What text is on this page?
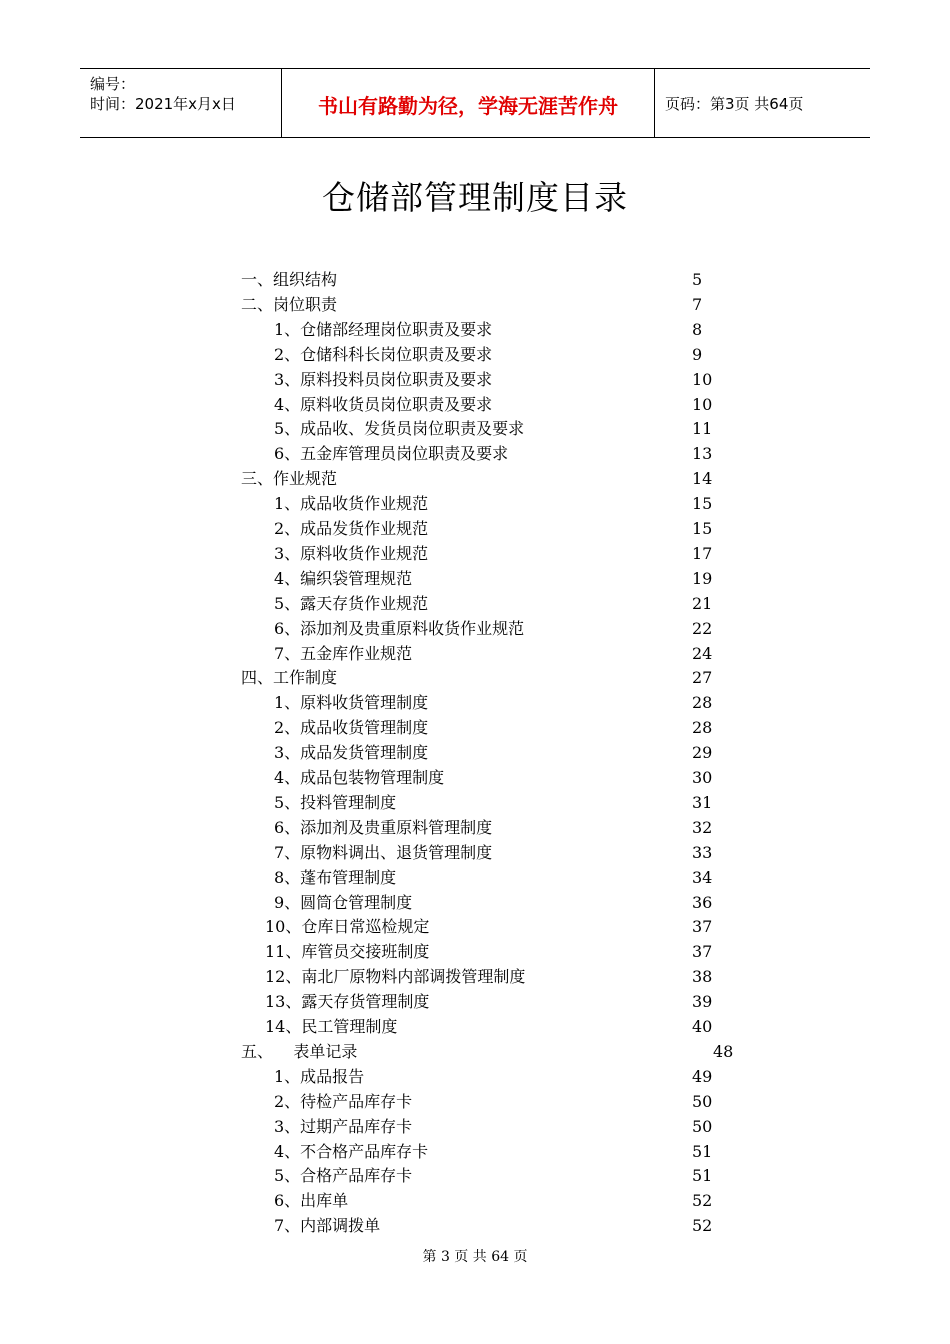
编号：
时间：2021年x月x日	书山有路勤为径，学海无涯苦作舟	页码：第3页 共64页
仓储部管理制度目录
一、组织结构	5
二、岗位职责	7
1、仓储部经理岗位职责及要求	8
2、仓储科科长岗位职责及要求	9
3、原料投料员岗位职责及要求	10
4、原料收货员岗位职责及要求	10
5、成品收、发货员岗位职责及要求	11
6、五金库管理员岗位职责及要求	13
三、作业规范	14
1、成品收货作业规范	15
2、成品发货作业规范	15
3、原料收货作业规范	17
4、编织袋管理规范	19
5、露天存货作业规范	21
6、添加剂及贵重原料收货作业规范	22
7、五金库作业规范	24
四、工作制度	27
1、原料收货管理制度	28
2、成品收货管理制度	28
3、成品发货管理制度	29
4、成品包装物管理制度	30
5、投料管理制度	31
6、添加剂及贵重原料管理制度	32
7、原物料调出、退货管理制度	33
8、蓬布管理制度	34
9、圆筒仓管理制度	36
10、仓库日常巡检规定	37
11、库管员交接班制度	37
12、南北厂原物料内部调拨管理制度	38
13、露天存货管理制度	39
14、民工管理制度	40
五、    表单记录	48
1、成品报告	49
2、待检产品库存卡	50
3、过期产品库存卡	50
4、不合格产品库存卡	51
5、合格产品库存卡	51
6、出库单	52
7、内部调拨单	52
第 3 页 共 64 页
